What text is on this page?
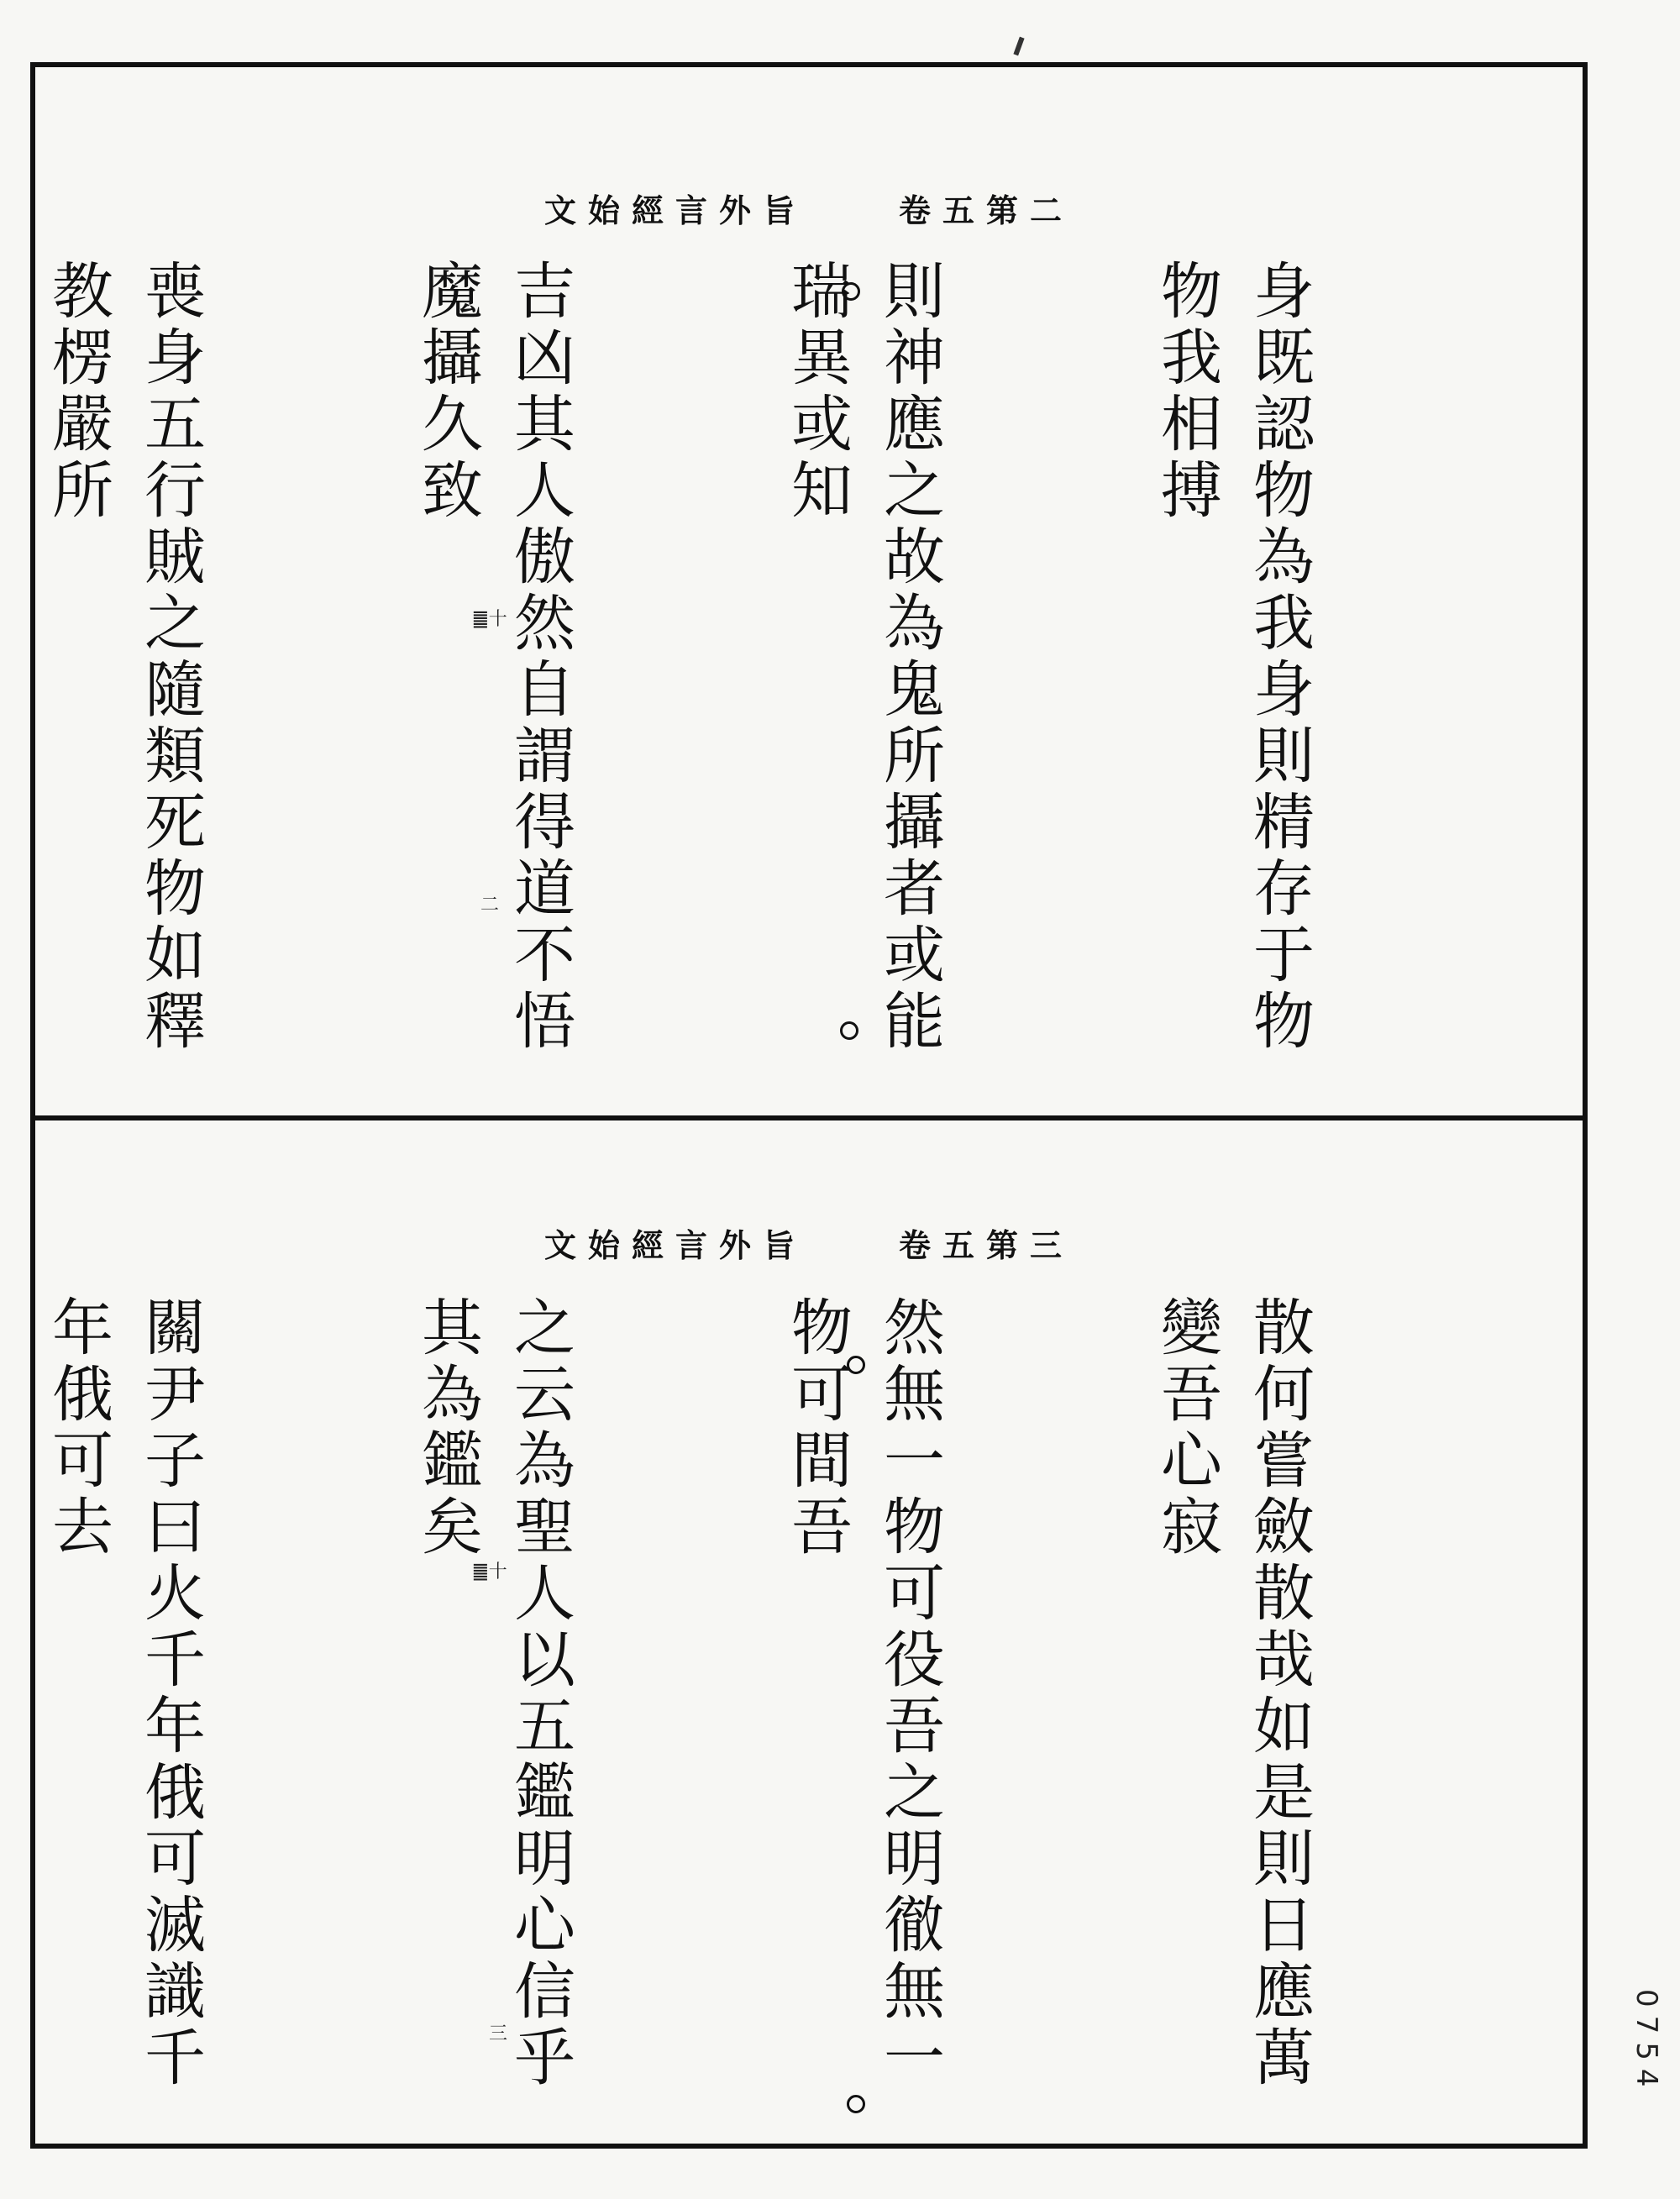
文始經言外旨	卷五第二

身既認物為我身則精存于物物我相搏

則神應之故為鬼所攝者或能瑞異或知

吉凶其人傲然自謂得道不悟魔攝久致

喪身五行賊之隨類死物如釋教楞嚴所

䷀十
二
文始經言外旨	卷五第三

散何嘗斂散哉如是則日應萬變吾心寂

然無一物可役吾之明徹無一物可間吾

之云為聖人以五鑑明心信乎其為鑑矣

關尹子曰火千年俄可滅識千年俄可去

䷀十
三	0754
